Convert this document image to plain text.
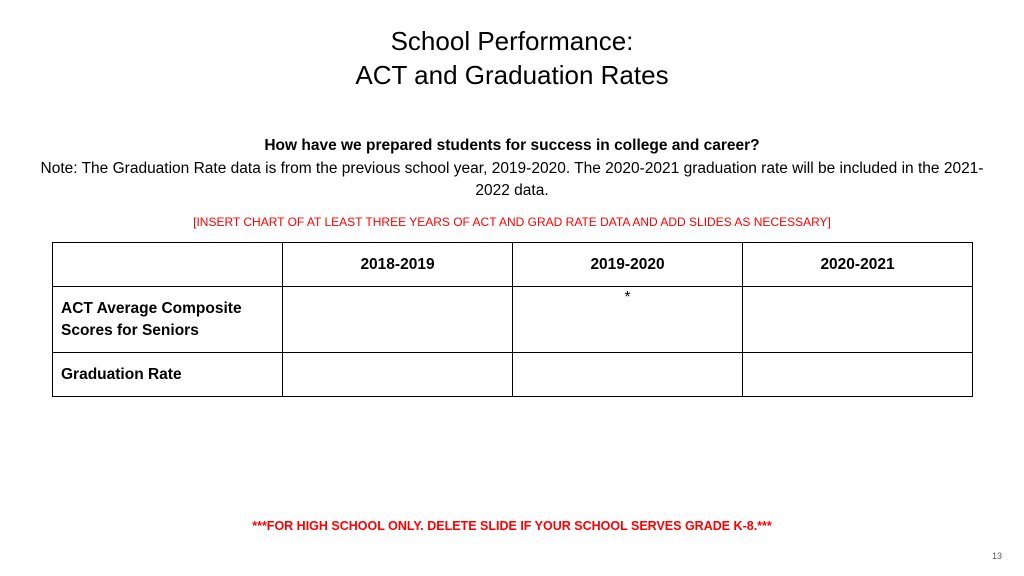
School Performance:
ACT and Graduation Rates
How have we prepared students for success in college and career?
Note: The Graduation Rate data is from the previous school year, 2019-2020. The 2020-2021 graduation rate will be included in the 2021-2022 data.
[INSERT CHART OF AT LEAST THREE YEARS OF ACT AND GRAD RATE DATA AND ADD SLIDES AS NECESSARY]
	2018-2019	2019-2020	2020-2021
ACT Average Composite Scores for Seniors		*	
Graduation Rate			
***FOR HIGH SCHOOL ONLY. DELETE SLIDE IF YOUR SCHOOL SERVES GRADE K-8.***
13
